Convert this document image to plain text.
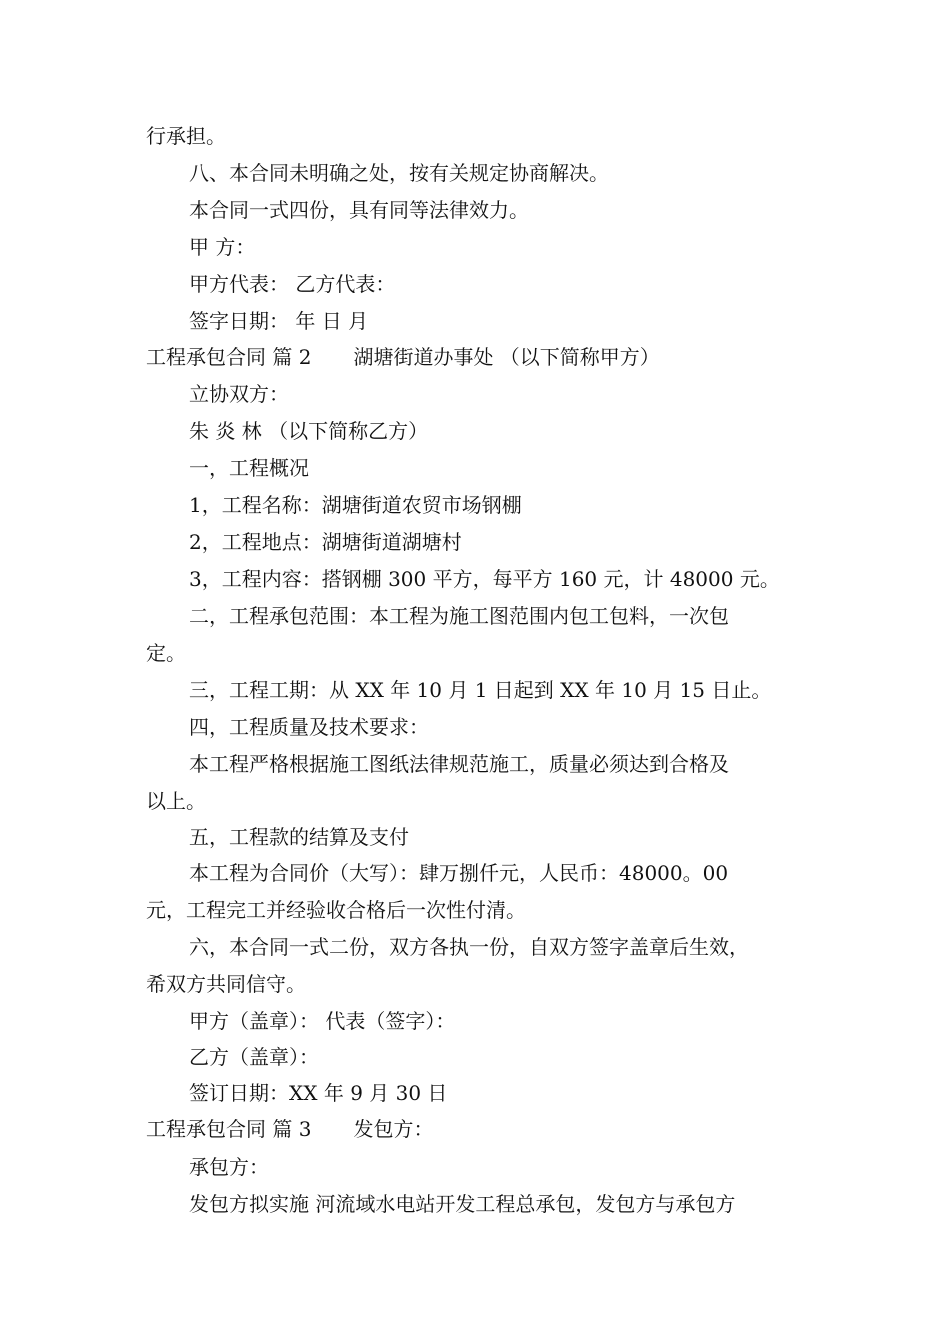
行承担。
八、本合同未明确之处，按有关规定协商解决。
本合同一式四份，具有同等法律效力。
甲 方：
甲方代表： 乙方代表：
签字日期： 年 日 月
工程承包合同 篇 2 湖塘街道办事处 （以下简称甲方）
立协双方：
朱 炎 林 （以下简称乙方）
一，工程概况
1，工程名称：湖塘街道农贸市场钢棚
2，工程地点：湖塘街道湖塘村
3，工程内容：搭钢棚 300 平方，每平方 160 元，计 48000 元。
二，工程承包范围：本工程为施工图范围内包工包料，一次包
定。
三，工程工期：从 XX 年 10 月 1 日起到 XX 年 10 月 15 日止。
四，工程质量及技术要求：
本工程严格根据施工图纸法律规范施工，质量必须达到合格及
以上。
五，工程款的结算及支付
本工程为合同价（大写）：肆万捌仟元，人民币：48000。00
元，工程完工并经验收合格后一次性付清。
六，本合同一式二份，双方各执一份，自双方签字盖章后生效，
希双方共同信守。
甲方（盖章）： 代表（签字）：
乙方（盖章）：
签订日期：XX 年 9 月 30 日
工程承包合同 篇 3 发包方：
承包方：
发包方拟实施 河流域水电站开发工程总承包，发包方与承包方
